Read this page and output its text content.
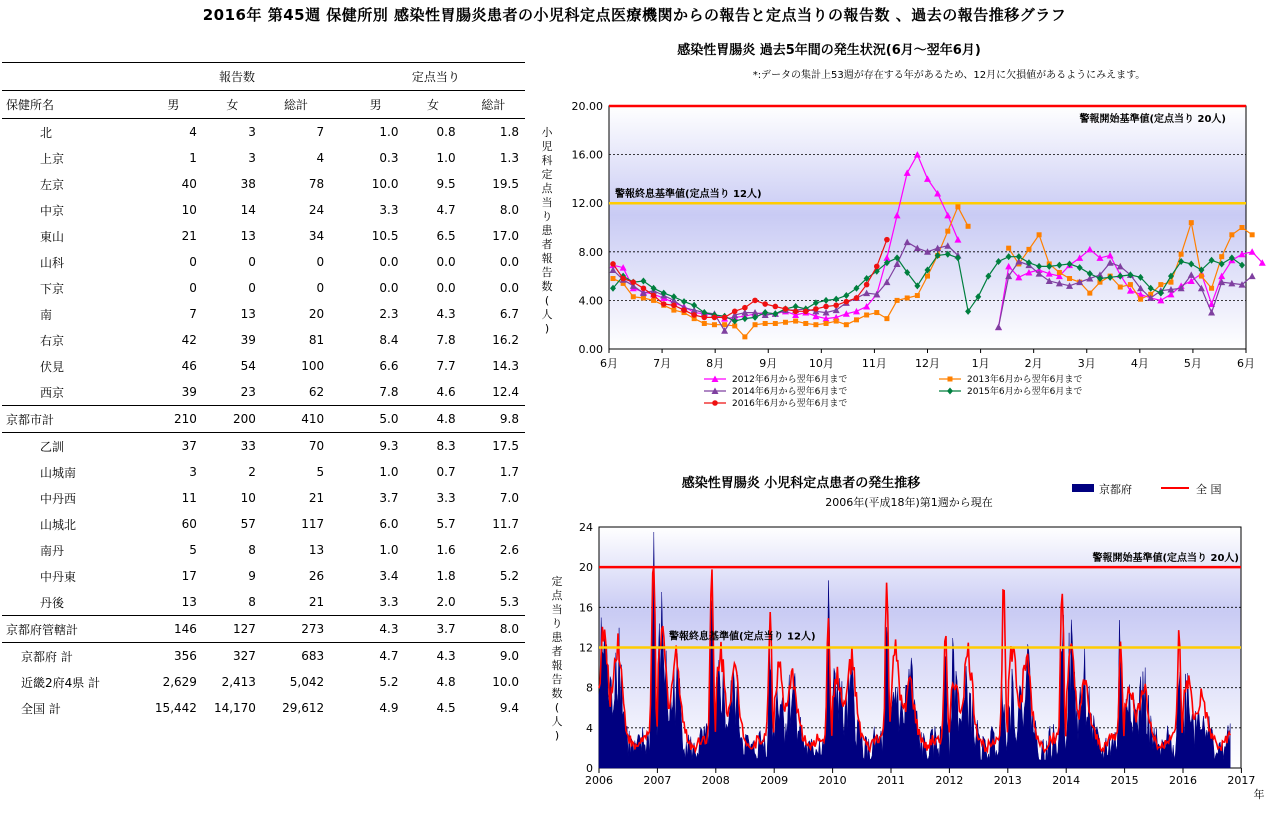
2016年 第45週 保健所別 感染性胃腸炎患者の小児科定点医療機関からの報告と定点当りの報告数 、過去の報告推移グラフ
	報告数				定点当り		
保健所名	男	女	総計		男	女	総計
北	4	3	7		1.0	0.8	1.8
上京	1	3	4		0.3	1.0	1.3
左京	40	38	78		10.0	9.5	19.5
中京	10	14	24		3.3	4.7	8.0
東山	21	13	34		10.5	6.5	17.0
山科	0	0	0		0.0	0.0	0.0
下京	0	0	0		0.0	0.0	0.0
南	7	13	20		2.3	4.3	6.7
右京	42	39	81		8.4	7.8	16.2
伏見	46	54	100		6.6	7.7	14.3
西京	39	23	62		7.8	4.6	12.4
京都市計	210	200	410		5.0	4.8	9.8
乙訓	37	33	70		9.3	8.3	17.5
山城南	3	2	5		1.0	0.7	1.7
中丹西	11	10	21		3.7	3.3	7.0
山城北	60	57	117		6.0	5.7	11.7
南丹	5	8	13		1.0	1.6	2.6
中丹東	17	9	26		3.4	1.8	5.2
丹後	13	8	21		3.3	2.0	5.3
京都府管轄計	146	127	273		4.3	3.7	8.0
京都府 計	356	327	683		4.7	4.3	9.0
近畿2府4県 計	2,629	2,413	5,042		5.2	4.8	10.0
全国 計	15,442	14,170	29,612		4.9	4.5	9.4
感染性胃腸炎 過去5年間の発生状況(6月～翌年6月)
*:データの集計上53週が存在する年があるため、12月に欠損値があるようにみえます。
0.00
4.00
8.00
12.00
16.00
20.00
警報開始基準値(定点当り 20人)
警報終息基準値(定点当り 12人)
6月	7月	8月	9月	10月	11月	12月	1月	2月	3月	4月	5月	6月
小
児
科
定
点
当
り
患
者
報
告
数
(
人
)
2012年6月から翌年6月まで	2013年6月から翌年6月まで
2014年6月から翌年6月まで	2015年6月から翌年6月まで
2016年6月から翌年6月まで
感染性胃腸炎 小児科定点患者の発生推移
2006年(平成18年)第1週から現在
0
4
8
12
16
20
24
2006	2007	2008	2009	2010	2011	2012	2013	2014	2015	2016	2017
年
定
点
当
り
患
者
報
告
数
(
人
)
警報開始基準値(定点当り 20人)
警報終息基準値(定点当り 12人)
京都府	全 国
